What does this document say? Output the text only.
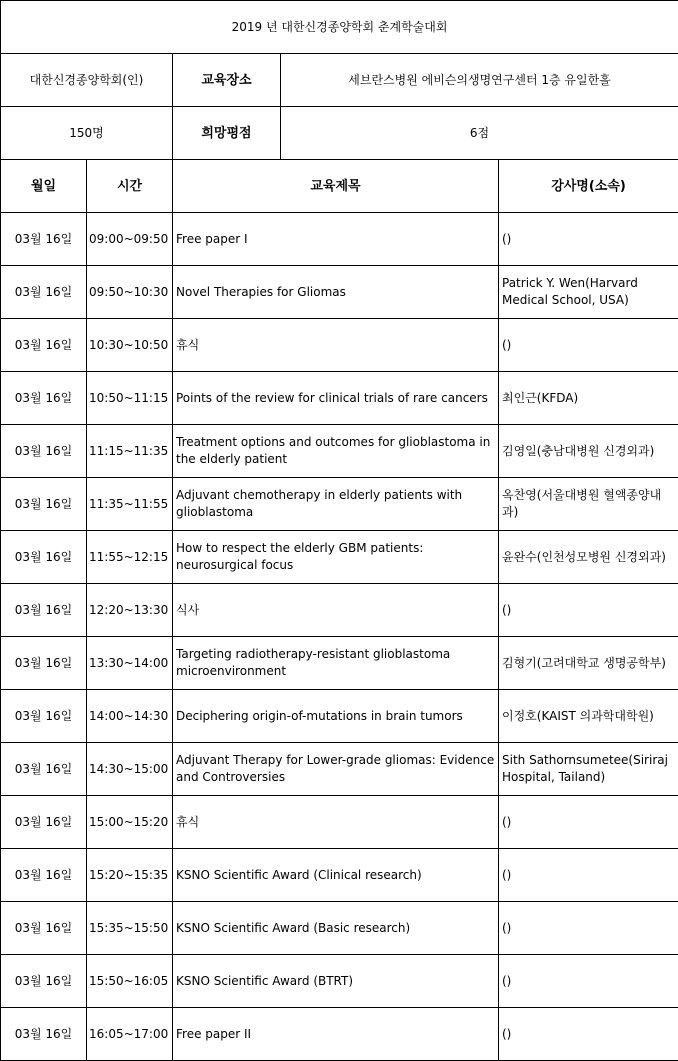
2019 년 대한신경종양학회 춘계학술대회				
대한신경종양학회(인)		교육장소	세브란스병원 에비슨의생명연구센터 1층 유일한홀	
150명		희망평점	6점	
월일	시간	교육제목		강사명(소속)
03월 16일	09:00~09:50	Free paper I		()
03월 16일	09:50~10:30	Novel Therapies for Gliomas		Patrick Y. Wen(Harvard Medical School, USA)
03월 16일	10:30~10:50	휴식		()
03월 16일	10:50~11:15	Points of the review for clinical trials of rare cancers		최인근(KFDA)
03월 16일	11:15~11:35	Treatment options and outcomes for glioblastoma in the elderly patient		김영일(충남대병원 신경외과)
03월 16일	11:35~11:55	Adjuvant chemotherapy in elderly patients with glioblastoma		옥찬영(서울대병원 혈액종양내과)
03월 16일	11:55~12:15	How to respect the elderly GBM patients: neurosurgical focus		윤완수(인천성모병원 신경외과)
03월 16일	12:20~13:30	식사		()
03월 16일	13:30~14:00	Targeting radiotherapy-resistant glioblastoma microenvironment		김형기(고려대학교 생명공학부)
03월 16일	14:00~14:30	Deciphering origin-of-mutations in brain tumors		이정호(KAIST 의과학대학원)
03월 16일	14:30~15:00	Adjuvant Therapy for Lower-grade gliomas: Evidence and Controversies		Sith Sathornsumetee(Siriraj Hospital, Tailand)
03월 16일	15:00~15:20	휴식		()
03월 16일	15:20~15:35	KSNO Scientific Award (Clinical research)		()
03월 16일	15:35~15:50	KSNO Scientific Award (Basic research)		()
03월 16일	15:50~16:05	KSNO Scientific Award (BTRT)		()
03월 16일	16:05~17:00	Free paper II		()
